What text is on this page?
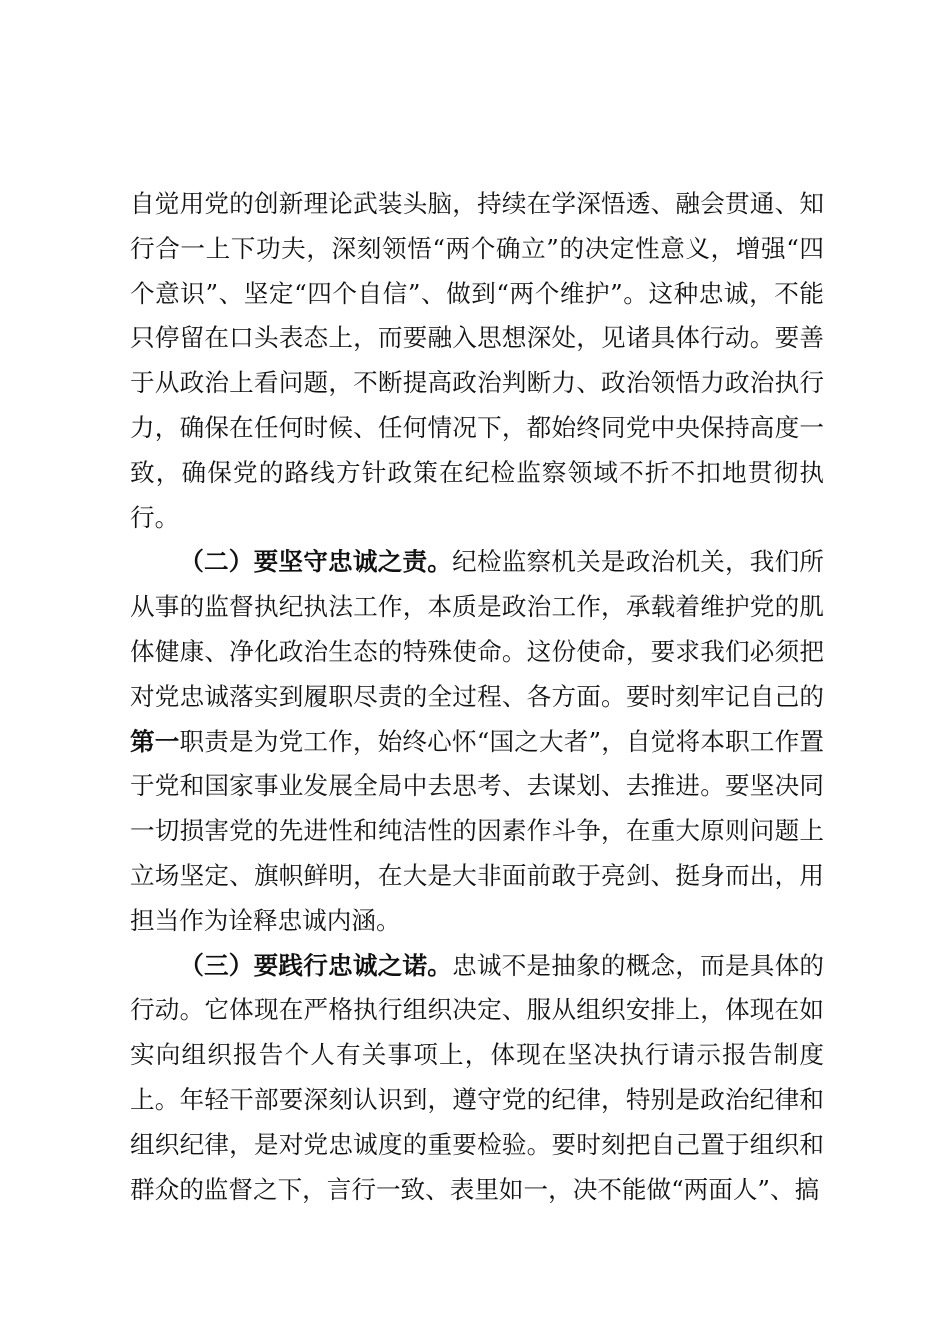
自觉用党的创新理论武装头脑，持续在学深悟透、融会贯通、知行合一上下功夫，深刻领悟“两个确立”的决定性意义，增强“四个意识”、坚定“四个自信”、做到“两个维护”。这种忠诚，不能只停留在口头表态上，而要融入思想深处，见诸具体行动。要善于从政治上看问题，不断提高政治判断力、政治领悟力政治执行力，确保在任何时候、任何情况下，都始终同党中央保持高度一致，确保党的路线方针政策在纪检监察领域不折不扣地贯彻执行。

（二）要坚守忠诚之责。纪检监察机关是政治机关，我们所从事的监督执纪执法工作，本质是政治工作，承载着维护党的肌体健康、净化政治生态的特殊使命。这份使命，要求我们必须把对党忠诚落实到履职尽责的全过程、各方面。要时刻牢记自己的第一职责是为党工作，始终心怀“国之大者”，自觉将本职工作置于党和国家事业发展全局中去思考、去谋划、去推进。要坚决同一切损害党的先进性和纯洁性的因素作斗争，在重大原则问题上立场坚定、旗帜鲜明，在大是大非面前敢于亮剑、挺身而出，用担当作为诠释忠诚内涵。

（三）要践行忠诚之诺。忠诚不是抽象的概念，而是具体的行动。它体现在严格执行组织决定、服从组织安排上，体现在如实向组织报告个人有关事项上，体现在坚决执行请示报告制度上。年轻干部要深刻认识到，遵守党的纪律，特别是政治纪律和组织纪律，是对党忠诚度的重要检验。要时刻把自己置于组织和群众的监督之下，言行一致、表里如一，决不能做“两面人”、搞
